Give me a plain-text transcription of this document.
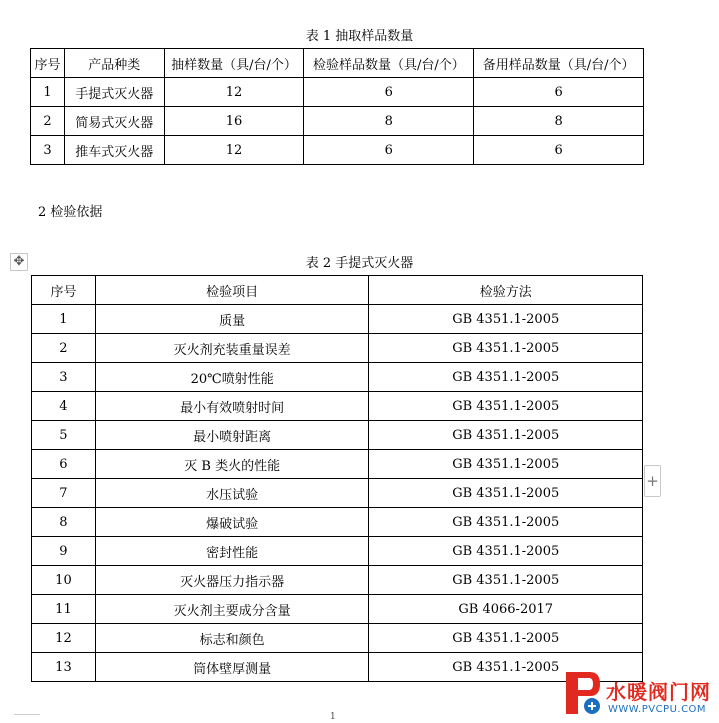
表 1 抽取样品数量
序号	产品种类	抽样数量（具/台/个）	检验样品数量（具/台/个）	备用样品数量（具/台/个）
1	手提式灭火器	12	6	6
2	简易式灭火器	16	8	8
3	推车式灭火器	12	6	6
2 检验依据
✥	表 2 手提式灭火器
序号	检验项目	检验方法
1	质量	GB 4351.1-2005
2	灭火剂充装重量误差	GB 4351.1-2005
3	20℃喷射性能	GB 4351.1-2005
4	最小有效喷射时间	GB 4351.1-2005
5	最小喷射距离	GB 4351.1-2005
6	灭 B 类火的性能	GB 4351.1-2005
7	水压试验	GB 4351.1-2005
8	爆破试验	GB 4351.1-2005
9	密封性能	GB 4351.1-2005
10	灭火器压力指示器	GB 4351.1-2005
11	灭火剂主要成分含量	GB 4066-2017
12	标志和颜色	GB 4351.1-2005
13	筒体壁厚测量	GB 4351.1-2005
+
1
水暖阀门网
WWW.PVCPU.COM
